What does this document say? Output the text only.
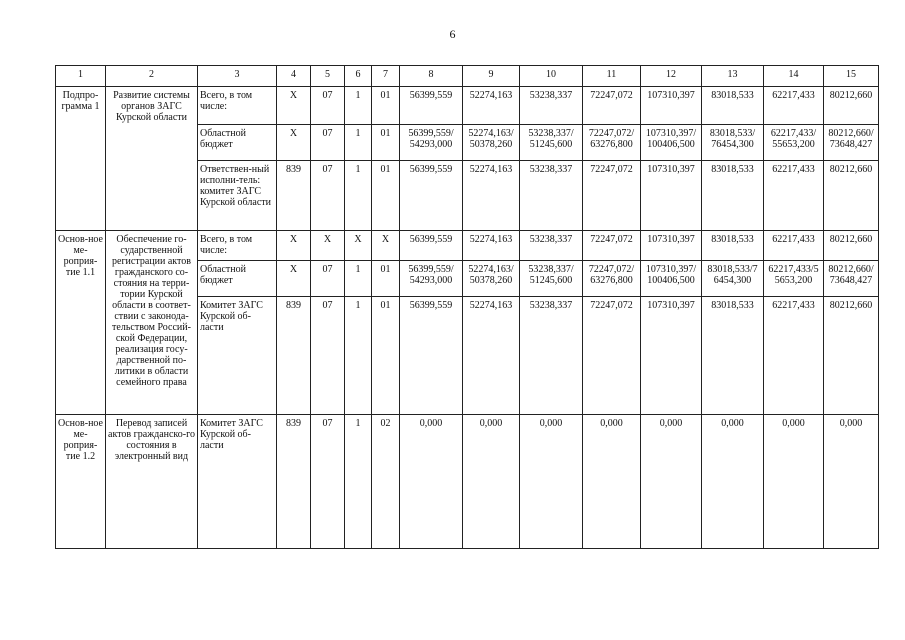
6
1	2	3	4	5	6	7	8	9	10	11	12	13	14	15
Подпро-грамма 1	Развитие системы органов ЗАГС Курской области	Всего, в том числе:	Х	07	1	01	56399,559	52274,163	53238,337	72247,072	107310,397	83018,533	62217,433	80212,660
		Областной бюджет	Х	07	1	01	56399,559/ 54293,000	52274,163/ 50378,260	53238,337/ 51245,600	72247,072/ 63276,800	107310,397/ 100406,500	83018,533/ 76454,300	62217,433/ 55653,200	80212,660/ 73648,427
		Ответствен-ный исполни-тель: комитет ЗАГС Курской области	839	07	1	01	56399,559	52274,163	53238,337	72247,072	107310,397	83018,533	62217,433	80212,660
Основ-ное ме-роприя-тие 1.1	Обеспечение го-сударственной регистрации актов гражданского со-стояния на терри-тории Курской области в соответ-ствии с законода-тельством Россий-ской Федерации, реализация госу-дарственной по-литики в области семейного права	Всего, в том числе:	Х	Х	Х	Х	56399,559	52274,163	53238,337	72247,072	107310,397	83018,533	62217,433	80212,660
		Областной бюджет	Х	07	1	01	56399,559/ 54293,000	52274,163/ 50378,260	53238,337/ 51245,600	72247,072/ 63276,800	107310,397/ 100406,500	83018,533/7 6454,300	62217,433/5 5653,200	80212,660/ 73648,427
		Комитет ЗАГС Курской об-ласти	839	07	1	01	56399,559	52274,163	53238,337	72247,072	107310,397	83018,533	62217,433	80212,660
Основ-ное ме-роприя-тие 1.2	Перевод записей актов гражданско-го состояния в электронный вид	Комитет ЗАГС Курской об-ласти	839	07	1	02	0,000	0,000	0,000	0,000	0,000	0,000	0,000	0,000
